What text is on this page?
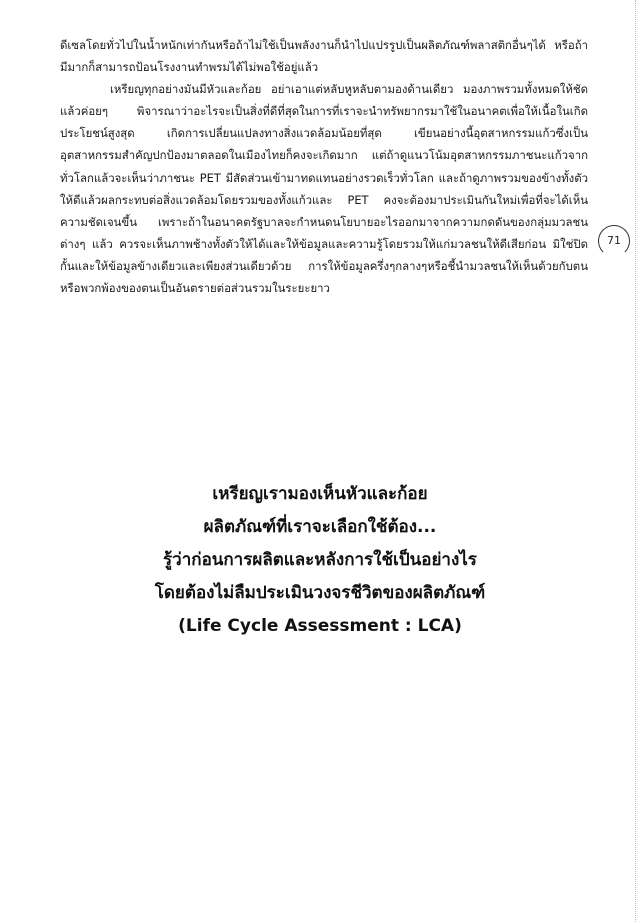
ดีเซลโดยทั่วไปในน้ำหนักเท่ากันหรือถ้าไม่ใช้เป็นพลังงานก็นำไปแปรรูปเป็นผลิตภัณฑ์พลาสติกอื่นๆได้ หรือถ้ามีมากก็สามารถป้อนโรงงานทำพรมได้ไม่พอใช้อยู่แล้ว

เหรียญทุกอย่างมันมีหัวและก้อย อย่าเอาแต่หลับหูหลับตามองด้านเดียว มองภาพรวมทั้งหมดให้ชัดแล้วค่อยๆ พิจารณาว่าอะไรจะเป็นสิ่งที่ดีที่สุดในการที่เราจะนำทรัพยากรมาใช้ในอนาคตเพื่อให้เนื้อในเกิดประโยชน์สูงสุด เกิดการเปลี่ยนแปลงทางสิ่งแวดล้อมน้อยที่สุด เขียนอย่างนี้อุตสาหกรรมแก้วซึ่งเป็นอุตสาหกรรมสำคัญปกป้องมาตลอดในเมืองไทยก็คงจะเกิดมาก แต่ถ้าดูแนวโน้มอุตสาหกรรมภาชนะแก้วจากทั่วโลกแล้วจะเห็นว่าภาชนะ PET มีสัดส่วนเข้ามาทดแทนอย่างรวดเร็วทั่วโลก และถ้าดูภาพรวมของข้างทั้งตัวให้ดีแล้วผลกระทบต่อสิ่งแวดล้อมโดยรวมของทั้งแก้วและ PET คงจะต้องมาประเมินกันใหม่เพื่อที่จะได้เห็นความชัดเจนขึ้น เพราะถ้าในอนาคตรัฐบาลจะกำหนดนโยบายอะไรออกมาจากความกดดันของกลุ่มมวลชนต่างๆ แล้ว ควรจะเห็นภาพช้างทั้งตัวให้ได้และให้ข้อมูลและความรู้โดยรวมให้แก่มวลชนให้ดีเสียก่อน มิใช่ปิดกั้นและให้ข้อมูลข้างเดียวและเพียงส่วนเดียวด้วย การให้ข้อมูลครึ่งๆกลางๆหรือชี้นำมวลชนให้เห็นด้วยกับตนหรือพวกพ้องของตนเป็นอันตรายต่อส่วนรวมในระยะยาว

71
เหรียญเรามองเห็นหัวและก้อย
ผลิตภัณฑ์ที่เราจะเลือกใช้ต้อง...
รู้ว่าก่อนการผลิตและหลังการใช้เป็นอย่างไร
โดยต้องไม่ลืมประเมินวงจรชีวิตของผลิตภัณฑ์
(Life Cycle Assessment : LCA)
